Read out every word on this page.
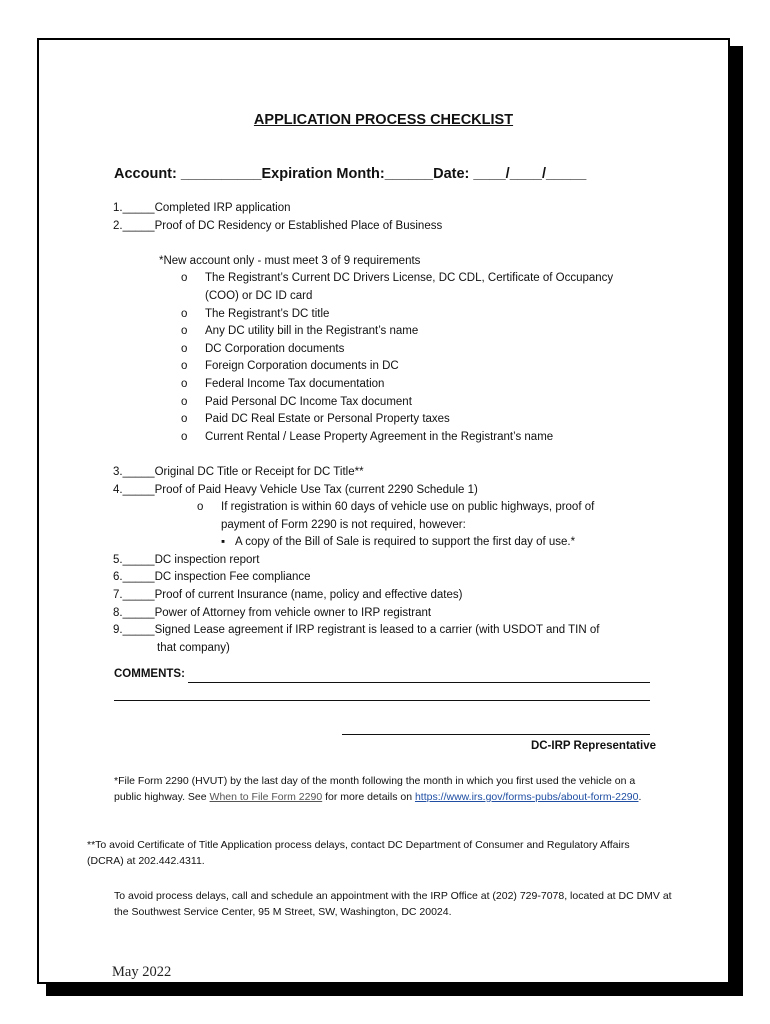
APPLICATION PROCESS CHECKLIST
Account: __________Expiration Month:______Date: ____/____/_____
1._____Completed IRP application
2._____Proof of DC Residency or Established Place of Business
*New account only - must meet 3 of 9 requirements
o	The Registrant’s Current DC Drivers License, DC CDL, Certificate of Occupancy
(COO) or DC ID card
o	The Registrant’s DC title
o	Any DC utility bill in the Registrant’s name
o	DC Corporation documents
o	Foreign Corporation documents in DC
o	Federal Income Tax documentation
o	Paid Personal DC Income Tax document
o	Paid DC Real Estate or Personal Property taxes
o	Current Rental / Lease Property Agreement in the Registrant’s name
3._____Original DC Title or Receipt for DC Title**
4._____Proof of Paid Heavy Vehicle Use Tax (current 2290 Schedule 1)
o	If registration is within 60 days of vehicle use on public highways, proof of
payment of Form 2290 is not required, however:
▪ A copy of the Bill of Sale is required to support the first day of use.*
5._____DC inspection report
6._____DC inspection Fee compliance
7._____Proof of current Insurance (name, policy and effective dates)
8._____Power of Attorney from vehicle owner to IRP registrant
9._____Signed Lease agreement if IRP registrant is leased to a carrier (with USDOT and TIN of
that company)
COMMENTS:
DC-IRP Representative
*File Form 2290 (HVUT) by the last day of the month following the month in which you first used the vehicle on a public highway. See When to File Form 2290 for more details on https://www.irs.gov/forms-pubs/about-form-2290.
**To avoid Certificate of Title Application process delays, contact DC Department of Consumer and Regulatory Affairs (DCRA) at 202.442.4311.
To avoid process delays, call and schedule an appointment with the IRP Office at (202) 729-7078, located at DC DMV at the Southwest Service Center, 95 M Street, SW, Washington, DC 20024.
May 2022
